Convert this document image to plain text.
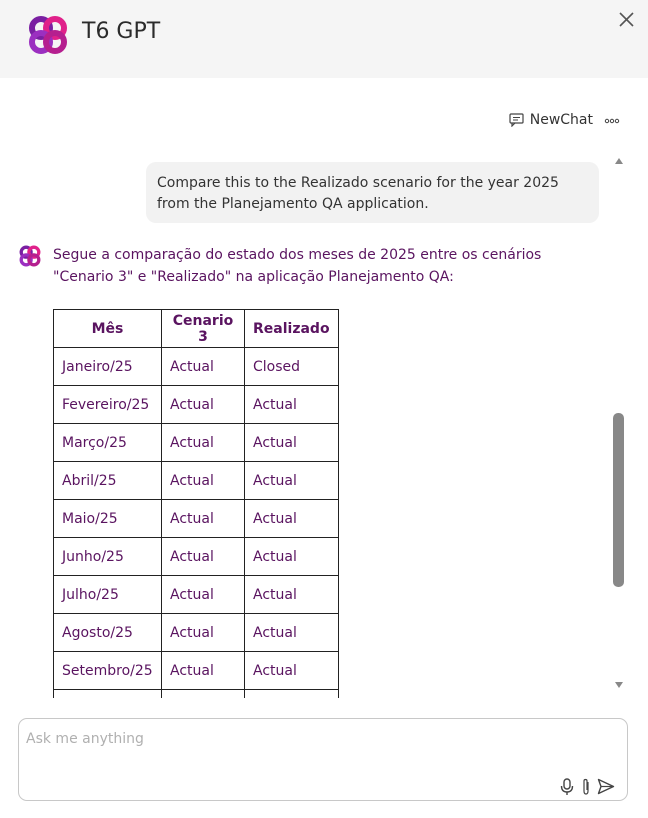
T6 GPT
NewChat
Compare this to the Realizado scenario for the year 2025 from the Planejamento QA application.
Segue a comparação do estado dos meses de 2025 entre os cenários "Cenario 3" e "Realizado" na aplicação Planejamento QA:
Mês	Cenario 3	Realizado
Janeiro/25	Actual	Closed
Fevereiro/25	Actual	Actual
Março/25	Actual	Actual
Abril/25	Actual	Actual
Maio/25	Actual	Actual
Junho/25	Actual	Actual
Julho/25	Actual	Actual
Agosto/25	Actual	Actual
Setembro/25	Actual	Actual

Ask me anything
